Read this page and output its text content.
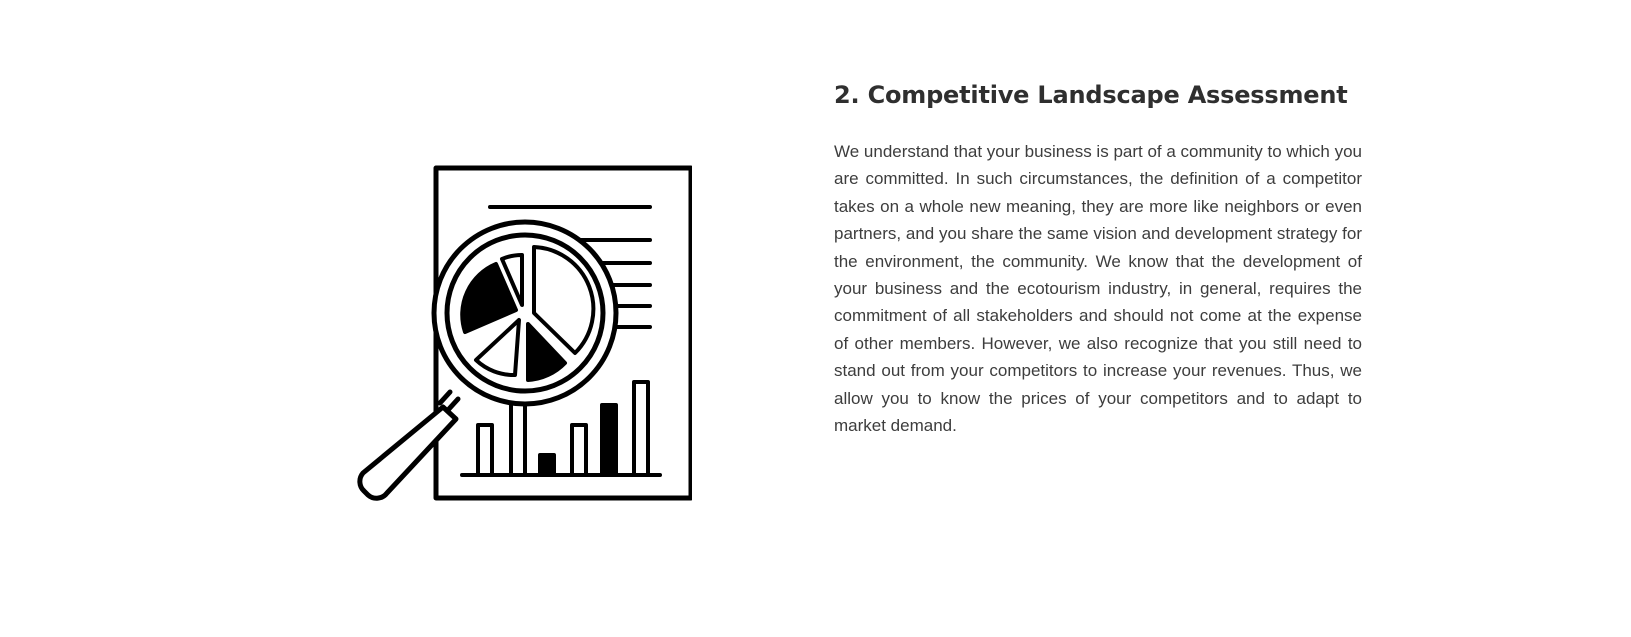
2. Competitive Landscape Assessment

We understand that your business is part of a community to which you are committed. In such circumstances, the definition of a competitor takes on a whole new meaning, they are more like neighbors or even partners, and you share the same vision and development strategy for the environment, the community. We know that the development of your business and the ecotourism industry, in general, requires the commitment of all stakeholders and should not come at the expense of other members. However, we also recognize that you still need to stand out from your competitors to increase your revenues. Thus, we allow you to know the prices of your competitors and to adapt to market demand.
